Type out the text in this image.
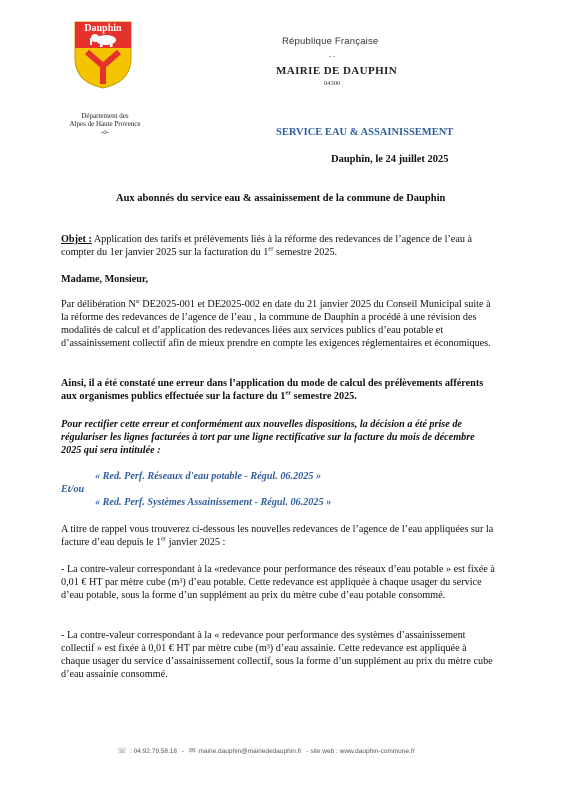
Dauphin
Département des
Alpes de Haute Provence
-o-
République Française
- -
MAIRIE DE DAUPHIN
04300
SERVICE EAU & ASSAINISSEMENT
Dauphin, le 24 juillet 2025
Aux abonnés du service eau & assainissement de la commune de Dauphin
Objet : Application des tarifs et prélèvements liés à la réforme des redevances de l’agence de l’eau à compter du 1er janvier 2025 sur la facturation du 1er semestre 2025.
Madame, Monsieur,
Par délibération N° DE2025-001 et DE2025-002 en date du 21 janvier 2025 du Conseil Municipal suite à la réforme des redevances de l’agence de l’eau , la commune de Dauphin a procédé à une révision des modalités de calcul et d’application des redevances liées aux services publics d’eau potable et d’assainissement collectif afin de mieux prendre en compte les exigences réglementaires et économiques.
Ainsi, il a été constaté une erreur dans l’application du mode de calcul des prélèvements afférents aux organismes publics effectuée sur la facture du 1er semestre 2025.
Pour rectifier cette erreur et conformément aux nouvelles dispositions, la décision a été prise de régulariser les lignes facturées à tort par une ligne rectificative sur la facture du mois de décembre 2025 qui sera intitulée :
« Red. Perf. Réseaux d'eau potable - Régul. 06.2025 »
Et/ou
« Red. Perf. Systèmes Assainissement - Régul. 06.2025 »
A titre de rappel vous trouverez ci-dessous les nouvelles redevances de l’agence de l’eau appliquées sur la facture d’eau depuis le 1er janvier 2025 :
- La contre-valeur correspondant à la «redevance pour performance des réseaux d’eau potable » est fixée à 0,01 € HT par mètre cube (m³) d’eau potable. Cette redevance est appliquée à chaque usager du service d’eau potable, sous la forme d’un supplément au prix du mètre cube d’eau potable consommé.
- La contre-valeur correspondant à la « redevance pour performance des systèmes d’assainissement collectif » est fixée à 0,01 € HT par mètre cube (m³) d’eau assainie. Cette redevance est appliquée à chaque usager du service d’assainissement collectif, sous la forme d’un supplément au prix du mètre cube d’eau assainie consommé.
☏ : 04.92.79.58.18 - ✉ mairie.dauphin@mairiededauphin.fr - site web : www.dauphin-commune.fr
